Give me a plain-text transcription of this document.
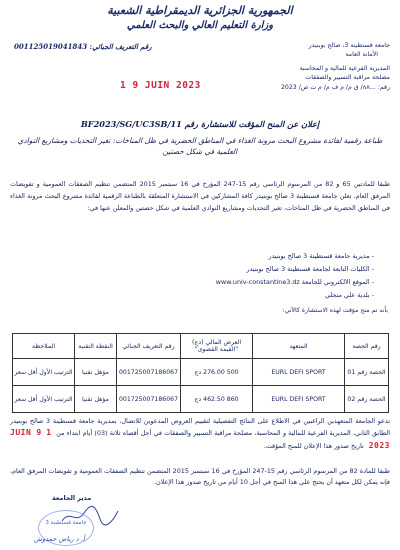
الجمهورية الجزائرية الديمقراطية الشعبية
وزارة التعليم العالي والبحث العلمي
رقم التعريف الجبائي: 001125019041843	جامعة قسنطينة 3، صالح بوبنيدر
الأمانة العامة
المديرية الفرعية للمالية و المحاسبة
مصلحة مراقبة التسيير والصفقات
رقم: ...ʌʌ/ ق م/ م ف م/ م ت ص/ 2023
1 9 JUIN 2023
إعلان عن المنح المؤقت للاستشارة رقم BF2023/SG/UC3SB/11
طباعة رقمية لفائدة مشروع البحث مرونة الغذاء في المناطق الحضرية في ظل المناخات: تغير التحديات ومشاريع النوادي العلمية في شكل حصتين
طبقا للمادتين 65 و 82 من المرسوم الرئاسي رقم 15-247 المؤرخ في 16 سبتمبر 2015 المتضمن تنظيم الصفقات العمومية و تفويضات المرفق العام، تعلن جامعة قسنطينة 3 صالح بوبنيدر كافة المشاركين في الاستشارة المتعلقة بالطباعة الرقمية لفائدة مشروع البحث مرونة الغذاء في المناطق الحضرية في ظل المناخات، تغير التحديات ومشاريع النوادي العلمية في شكل حصتين والمعلن عنها في:
- مديرية جامعة قسنطينة 3 صالح بوبنيدر
- الكليات التابعة لجامعة قسنطينة 3 صالح بوبنيدر
- الموقع الالكتروني للجامعة www.univ-constantine3.dz
- بلدية علي منجلي
بأنه تم منح مؤقت لهذه الاستشارة كالآتي:
رقم الحصة	المتعهد	العرض المالي (دج) "القيمة القصوى"	رقم التعريف الجبائي	النقطة التقنية	الملاحظة
الحصة رقم 01	EURL DEFI SPORT	500 276.00 دج	001725007186067	مؤهل تقنيا	الترتيب الأول أقل سعر
الحصة رقم 02	EURL DEFI SPORT	860 462.50 دج	001725007186067	مؤهل تقنيا	الترتيب الأول أقل سعر
تدعو الجامعة المتعهدين الراغبين في الاطلاع على النتائج التفصيلية لتقييم العروض المدعوين للاتصال، بمديرية جامعة قسنطينة 3 صالح بوبنيدر الطابق الثاني، المديرية الفرعية للمالية و المحاسبة، مصلحة مراقبة التسيير والصفقات في أجل أقصاه ثلاثة (03) أيام ابتداء من 1 9 JUIN 2023 تاريخ صدور هذا الإعلان للمنح المؤقت.
طبقا للمادة 82 من المرسوم الرئاسي رقم 15-247 المؤرخ في 16 سبتمبر 2015 المتضمن تنظيم الصفقات العمومية و تفويضات المرفق العام، فإنه يمكن لكل متعهد أن يحتج على هذا المنح في أجل 10 أيام من تاريخ صدور هذا الإعلان.
مدير الجامعة
جامعة قسنطينة 3
أ. د رياض حمدوش
